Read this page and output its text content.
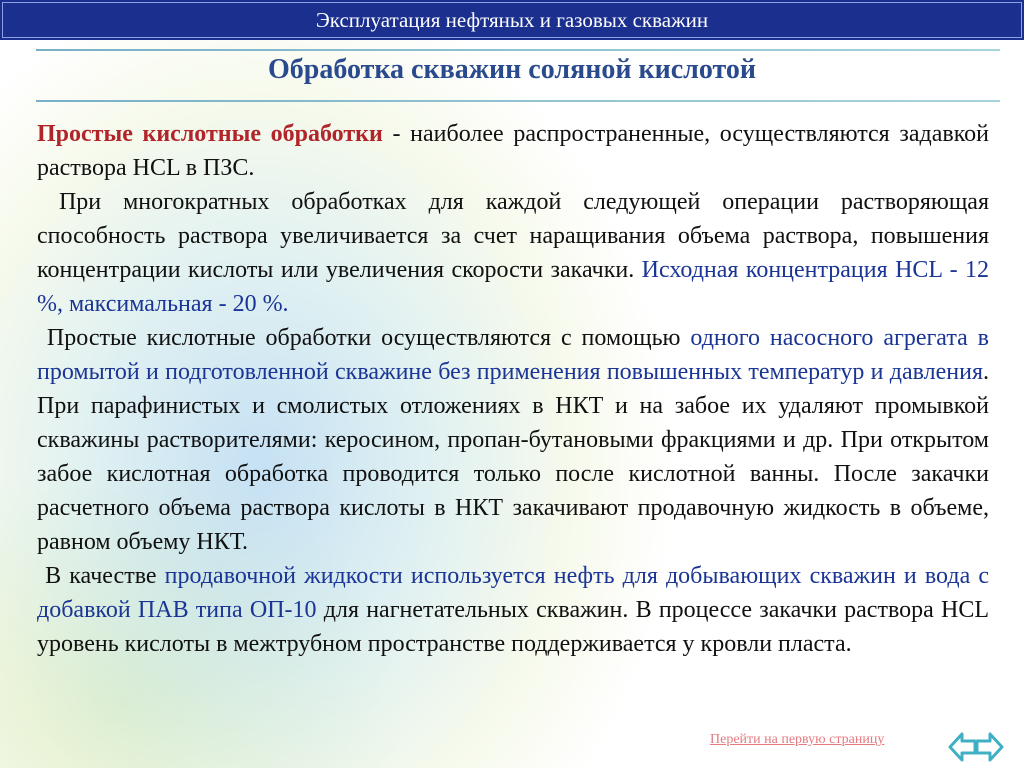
Эксплуатация нефтяных и газовых скважин
Обработка скважин соляной кислотой

Простые кислотные обработки - наиболее распространенные, осуществляются задавкой раствора HCL в ПЗС.

При многократных обработках для каждой следующей операции растворяющая способность раствора увеличивается за счет наращивания объема раствора, повышения концентрации кислоты или увеличения скорости закачки. Исходная концентрация HCL - 12 %, максимальная - 20 %.

Простые кислотные обработки осуществляются с помощью одного насосного агрегата в промытой и подготовленной скважине без применения повышенных температур и давления. При парафинистых и смолистых отложениях в НКТ и на забое их удаляют промывкой скважины растворителями: керосином, пропан-бутановыми фракциями и др. При открытом забое кислотная обработка проводится только после кислотной ванны. После закачки расчетного объема раствора кислоты в НКТ закачивают продавочную жидкость в объеме, равном объему НКТ.

В качестве продавочной жидкости используется нефть для добывающих скважин и вода с добавкой ПАВ типа ОП-10 для нагнетательных скважин. В процессе закачки раствора HCL уровень кислоты в межтрубном пространстве поддерживается у кровли пласта.

Перейти на первую страницу
